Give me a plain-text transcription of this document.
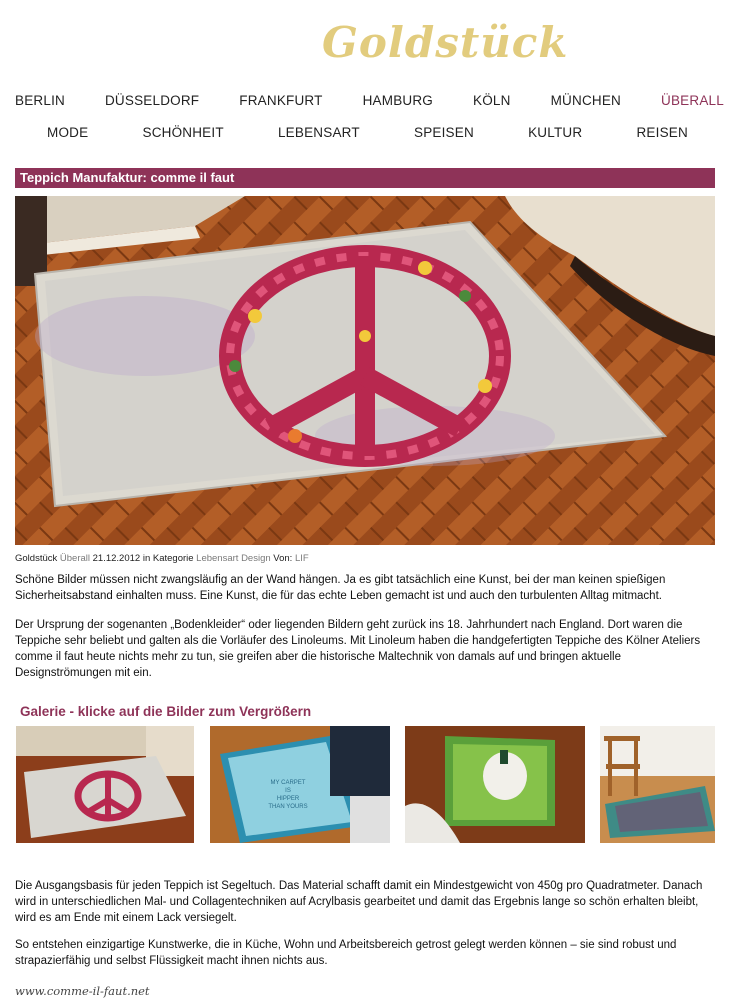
Goldstück
BERLIN	DÜSSELDORF	FRANKFURT	HAMBURG	KÖLN	MÜNCHEN	ÜBERALL
MODE	SCHÖNHEIT	LEBENSART	SPEISEN	KULTUR	REISEN
Teppich Manufaktur: comme il faut
Goldstück Überall 21.12.2012 in Kategorie Lebensart Design Von: LIF

Schöne Bilder müssen nicht zwangsläufig an der Wand hängen. Ja es gibt tatsächlich eine Kunst, bei der man keinen spießigen Sicherheitsabstand einhalten muss. Eine Kunst, die für das echte Leben gemacht ist und auch den turbulenten Alltag mitmacht.

Der Ursprung der sogenanten „Bodenkleider“ oder liegenden Bildern geht zurück ins 18. Jahrhundert nach England. Dort waren die Teppiche sehr beliebt und galten als die Vorläufer des Linoleums. Mit Linoleum haben die handgefertigten Teppiche des Kölner Ateliers comme il faut heute nichts mehr zu tun, sie greifen aber die historische Maltechnik von damals auf und bringen aktuelle Designströmungen mit ein.

Galerie - klicke auf die Bilder zum Vergrößern
MY CARPET
IS
HIPPER
THAN YOURS

Die Ausgangsbasis für jeden Teppich ist Segeltuch. Das Material schafft damit ein Mindestgewicht von 450g pro Quadratmeter. Danach wird in unterschiedlichen Mal- und Collagentechniken auf Acrylbasis gearbeitet und damit das Ergebnis lange so schön erhalten bleibt, wird es am Ende mit einem Lack versiegelt.

So entstehen einzigartige Kunstwerke, die in Küche, Wohn und Arbeitsbereich getrost gelegt werden können – sie sind robust und strapazierfähig und selbst Flüssigkeit macht ihnen nichts aus.

www.comme-il-faut.net
